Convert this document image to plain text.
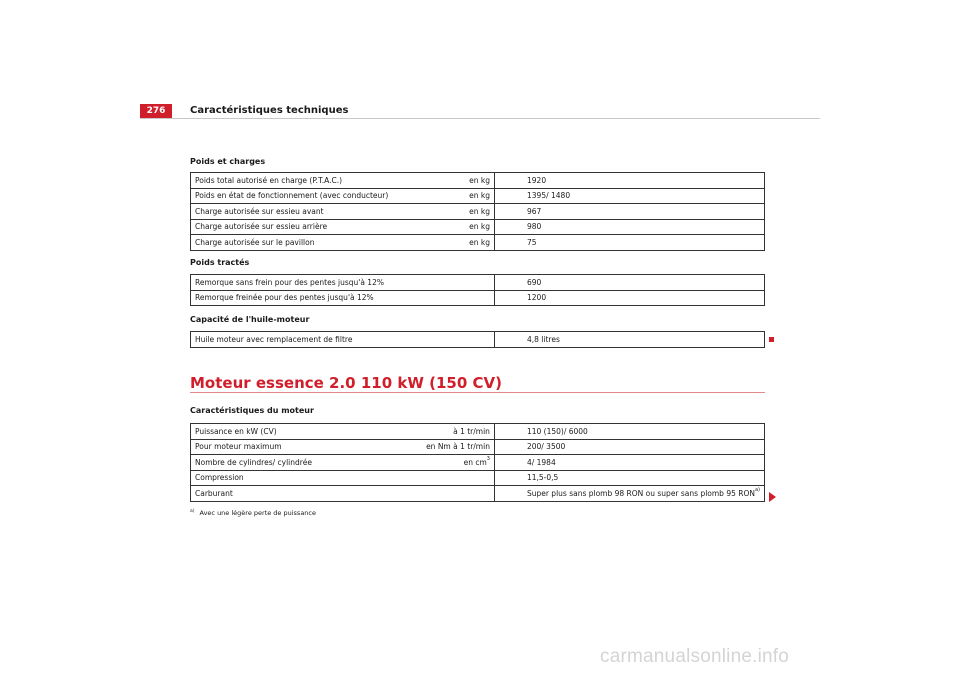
276	Caractéristiques techniques
Poids et charges
Poids total autorisé en charge (P.T.A.C.)	en kg	1920
Poids en état de fonctionnement (avec conducteur)	en kg	1395/ 1480
Charge autorisée sur essieu avant	en kg	967
Charge autorisée sur essieu arrière	en kg	980
Charge autorisée sur le pavillon	en kg	75
Poids tractés
Remorque sans frein pour des pentes jusqu'à 12%		690
Remorque freinée pour des pentes jusqu'à 12%		1200
Capacité de l'huile-moteur
Huile moteur avec remplacement de filtre		4,8 litres
Moteur essence 2.0 110 kW (150 CV)
Caractéristiques du moteur
Puissance en kW (CV)	à 1 tr/min	110 (150)/ 6000
Pour moteur maximum	en Nm à 1 tr/min	200/ 3500
Nombre de cylindres/ cylindrée	en $cm^3$	4/ 1984
Compression		11,5-0,5
Carburant		Super plus sans plomb 98 RON ou super sans plomb 95 RON$^{a)}$
$^{a)}$ Avec une légère perte de puissance
carmanualsonline.info
